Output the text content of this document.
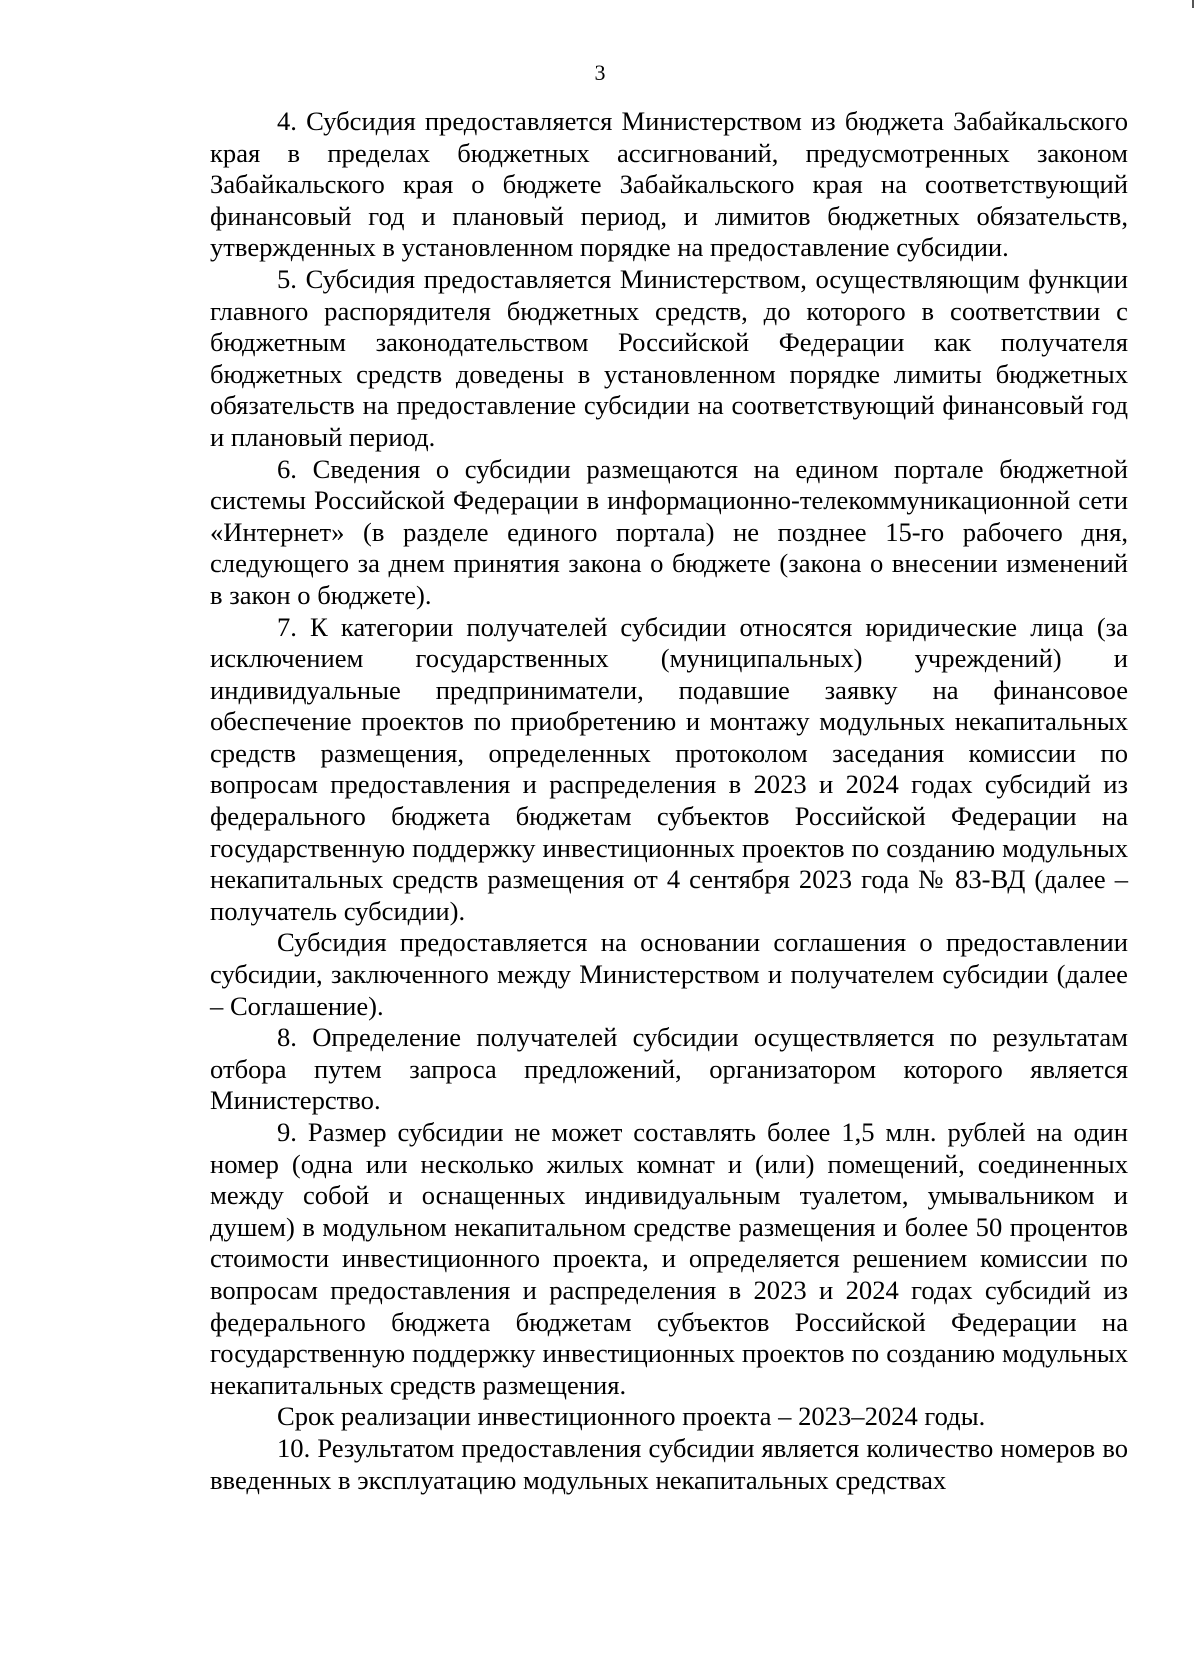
3

4. Субсидия предоставляется Министерством из бюджета Забайкальского края в пределах бюджетных ассигнований, предусмотренных законом Забайкальского края о бюджете Забайкальского края на соответствующий финансовый год и плановый период, и лимитов бюджетных обязательств, утвержденных в установленном порядке на предоставление субсидии.

5. Субсидия предоставляется Министерством, осуществляющим функции главного распорядителя бюджетных средств, до которого в соответствии с бюджетным законодательством Российской Федерации как получателя бюджетных средств доведены в установленном порядке лимиты бюджетных обязательств на предоставление субсидии на соответствующий финансовый год и плановый период.

6. Сведения о субсидии размещаются на едином портале бюджетной системы Российской Федерации в информационно-телекоммуникационной сети «Интернет» (в разделе единого портала) не позднее 15-го рабочего дня, следующего за днем принятия закона о бюджете (закона о внесении изменений в закон о бюджете).

7. К категории получателей субсидии относятся юридические лица (за исключением государственных (муниципальных) учреждений) и индивидуальные предприниматели, подавшие заявку на финансовое обеспечение проектов по приобретению и монтажу модульных некапитальных средств размещения, определенных протоколом заседания комиссии по вопросам предоставления и распределения в 2023 и 2024 годах субсидий из федерального бюджета бюджетам субъектов Российской Федерации на государственную поддержку инвестиционных проектов по созданию модульных некапитальных средств размещения от 4 сентября 2023 года № 83-ВД (далее – получатель субсидии).

Субсидия предоставляется на основании соглашения о предоставлении субсидии, заключенного между Министерством и получателем субсидии (далее – Соглашение).

8. Определение получателей субсидии осуществляется по результатам отбора путем запроса предложений, организатором которого является Министерство.

9. Размер субсидии не может составлять более 1,5 млн. рублей на один номер (одна или несколько жилых комнат и (или) помещений, соединенных между собой и оснащенных индивидуальным туалетом, умывальником и душем) в модульном некапитальном средстве размещения и более 50 процентов стоимости инвестиционного проекта, и определяется решением комиссии по вопросам предоставления и распределения в 2023 и 2024 годах субсидий из федерального бюджета бюджетам субъектов Российской Федерации на государственную поддержку инвестиционных проектов по созданию модульных некапитальных средств размещения.

Срок реализации инвестиционного проекта – 2023–2024 годы.

10. Результатом предоставления субсидии является количество номеров во введенных в эксплуатацию модульных некапитальных средствах
